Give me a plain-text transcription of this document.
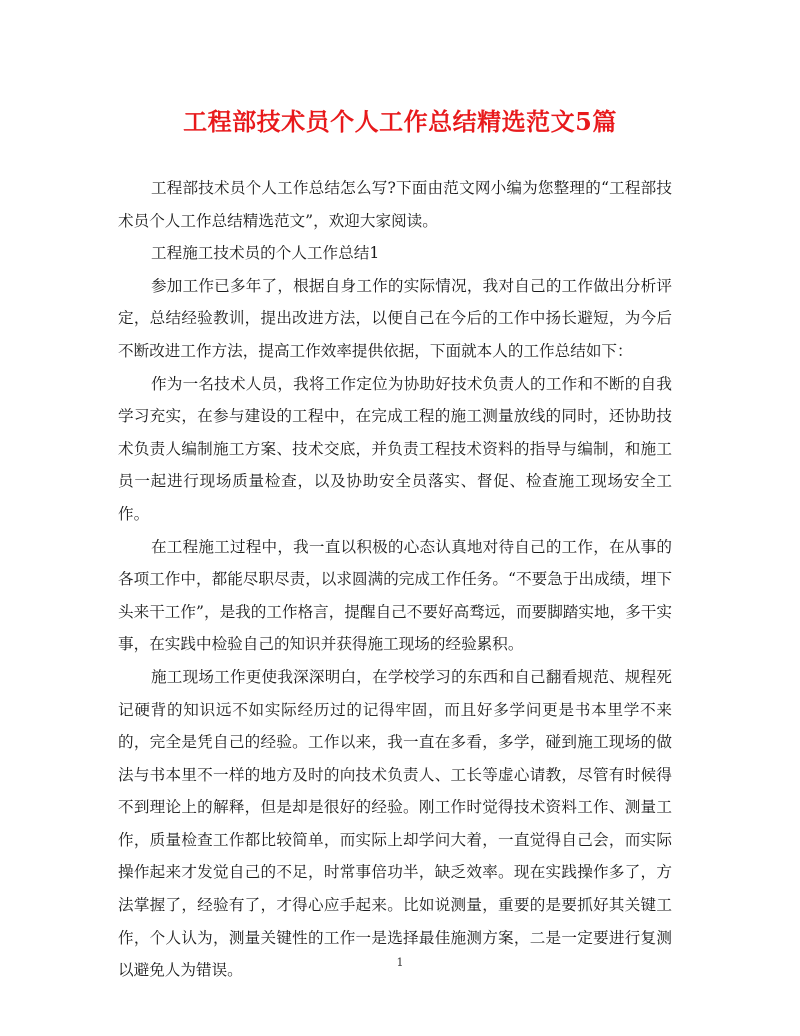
工程部技术员个人工作总结精选范文5篇

工程部技术员个人工作总结怎么写?下面由范文网小编为您整理的“工程部技术员个人工作总结精选范文”，欢迎大家阅读。

工程施工技术员的个人工作总结1

参加工作已多年了，根据自身工作的实际情况，我对自己的工作做出分析评定，总结经验教训，提出改进方法，以便自己在今后的工作中扬长避短，为今后不断改进工作方法，提高工作效率提供依据，下面就本人的工作总结如下：

作为一名技术人员，我将工作定位为协助好技术负责人的工作和不断的自我学习充实，在参与建设的工程中，在完成工程的施工测量放线的同时，还协助技术负责人编制施工方案、技术交底，并负责工程技术资料的指导与编制，和施工员一起进行现场质量检查，以及协助安全员落实、督促、检查施工现场安全工作。

在工程施工过程中，我一直以积极的心态认真地对待自己的工作，在从事的各项工作中，都能尽职尽责，以求圆满的完成工作任务。“不要急于出成绩，埋下头来干工作”，是我的工作格言，提醒自己不要好高骛远，而要脚踏实地，多干实事，在实践中检验自己的知识并获得施工现场的经验累积。

施工现场工作更使我深深明白，在学校学习的东西和自己翻看规范、规程死记硬背的知识远不如实际经历过的记得牢固，而且好多学问更是书本里学不来的，完全是凭自己的经验。工作以来，我一直在多看，多学，碰到施工现场的做法与书本里不一样的地方及时的向技术负责人、工长等虚心请教，尽管有时候得不到理论上的解释，但是却是很好的经验。刚工作时觉得技术资料工作、测量工作，质量检查工作都比较简单，而实际上却学问大着，一直觉得自己会，而实际操作起来才发觉自己的不足，时常事倍功半，缺乏效率。现在实践操作多了，方法掌握了，经验有了，才得心应手起来。比如说测量，重要的是要抓好其关键工作，个人认为，测量关键性的工作一是选择最佳施测方案，二是一定要进行复测以避免人为错误。	1
